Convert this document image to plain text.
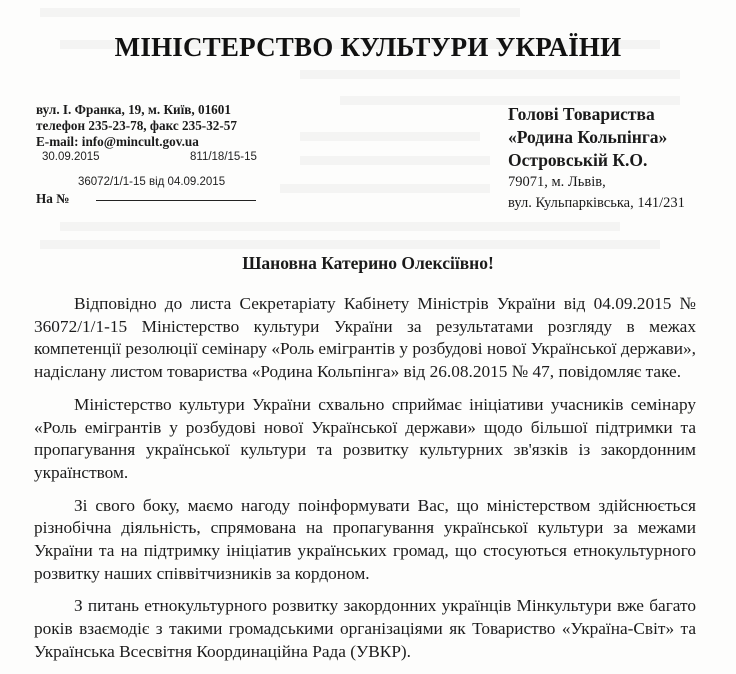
МІНІСТЕРСТВО КУЛЬТУРИ УКРАЇНИ
вул. І. Франка, 19, м. Київ, 01601
телефон 235-23-78, факс 235-32-57
E-mail: info@mincult.gov.ua
30.09.2015	811/18/15-15
36072/1/1-15 від 04.09.2015
На №
Голові Товариства
«Родина Кольпінга»
Островській К.О.
79071, м. Львів,
вул. Кульпарківська, 141/231
Шановна Катерино Олексіївно!

Відповідно до листа Секретаріату Кабінету Міністрів України від 04.09.2015 № 36072/1/1-15 Міністерство культури України за результатами розгляду в межах компетенції резолюції семінару «Роль емігрантів у розбудові нової Української держави», надіслану листом товариства «Родина Кольпінга» від 26.08.2015 № 47, повідомляє таке.

Міністерство культури України схвально сприймає ініціативи учасників семінару «Роль емігрантів у розбудові нової Української держави» щодо більшої підтримки та пропагування української культури та розвитку культурних зв'язків із закордонним українством.

Зі свого боку, маємо нагоду поінформувати Вас, що міністерством здійснюється різнобічна діяльність, спрямована на пропагування української культури за межами України та на підтримку ініціатив українських громад, що стосуються етнокультурного розвитку наших співвітчизників за кордоном.

З питань етнокультурного розвитку закордонних українців Мінкультури вже багато років взаємодіє з такими громадськими організаціями як Товариство «Україна-Світ» та Українська Всесвітня Координаційна Рада (УВКР).
